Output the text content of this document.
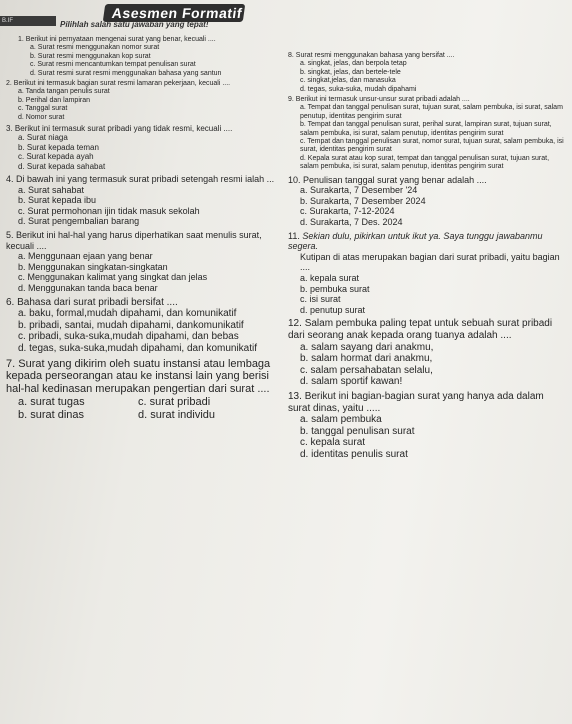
B.IF	Asesmen Formatif
Pilihlah salah satu jawaban yang tepat!
1. Berikut ini pernyataan mengenai surat yang benar, kecuali ....
a. Surat resmi menggunakan nomor surat
b. Surat resmi menggunakan kop surat
c. Surat resmi mencantumkan tempat penulisan surat
d. Surat resmi surat resmi menggunakan bahasa yang santun
2. Berikut ini termasuk bagian surat resmi lamaran pekerjaan, kecuali ....
a. Tanda tangan penulis surat
b. Perihal dan lampiran
c. Tanggal surat
d. Nomor surat
3. Berikut ini termasuk surat pribadi yang tidak resmi, kecuali ....
a. Surat niaga
b. Surat kepada teman
c. Surat kepada ayah
d. Surat kepada sahabat
4. Di bawah ini yang termasuk surat pribadi setengah resmi ialah ...
a. Surat sahabat
b. Surat kepada ibu
c. Surat permohonan ijin tidak masuk sekolah
d. Surat pengembalian barang
5. Berikut ini hal-hal yang harus diperhatikan saat menulis surat, kecuali ....
a. Menggunaan ejaan yang benar
b. Menggunakan singkatan-singkatan
c. Menggunakan kalimat yang singkat dan jelas
d. Menggunakan tanda baca benar
6. Bahasa dari surat pribadi bersifat ....
a. baku, formal,mudah dipahami, dan komunikatif
b. pribadi, santai, mudah dipahami, dankomunikatif
c. pribadi, suka-suka,mudah dipahami, dan bebas
d. tegas, suka-suka,mudah dipahami, dan komunikatif
7. Surat yang dikirim oleh suatu instansi atau lembaga kepada perseorangan atau ke instansi lain yang berisi hal-hal kedinasan merupakan pengertian dari surat ....
a. surat tugas	c. surat pribadi
b. surat dinas	d. surat individu
8. Surat resmi menggunakan bahasa yang bersifat ....
a. singkat, jelas, dan berpola tetap
b. singkat, jelas, dan bertele-tele
c. singkat,jelas, dan manasuka
d. tegas, suka-suka, mudah dipahami
9. Berikut ini termasuk unsur-unsur surat pribadi adalah ....
a. Tempat dan tanggal penulisan surat, tujuan surat, salam pembuka, isi surat, salam penutup, identitas pengirim surat
b. Tempat dan tanggal penulisan surat, perihal surat, lampiran surat, tujuan surat, salam pembuka, isi surat, salam penutup, identitas pengirim surat
c. Tempat dan tanggal penulisan surat, nomor surat, tujuan surat, salam pembuka, isi surat, identitas pengirim surat
d. Kepala surat atau kop surat, tempat dan tanggal penulisan surat, tujuan surat, salam pembuka, isi surat, salam penutup, identitas pengirim surat
10. Penulisan tanggal surat yang benar adalah ....
a. Surakarta, 7 Desember '24
b. Surakarta, 7 Desember 2024
c. Surakarta, 7-12-2024
d. Surakarta, 7 Des. 2024
11. Sekian dulu, pikirkan untuk ikut ya. Saya tunggu jawabanmu segera.
Kutipan di atas merupakan bagian dari surat pribadi, yaitu bagian ....
a. kepala surat
b. pembuka surat
c. isi surat
d. penutup surat
12. Salam pembuka paling tepat untuk sebuah surat pribadi dari seorang anak kepada orang tuanya adalah ....
a. salam sayang dari anakmu,
b. salam hormat dari anakmu,
c. salam persahabatan selalu,
d. salam sportif kawan!
13. Berikut ini bagian-bagian surat yang hanya ada dalam surat dinas, yaitu .....
a. salam pembuka
b. tanggal penulisan surat
c. kepala surat
d. identitas penulis surat
